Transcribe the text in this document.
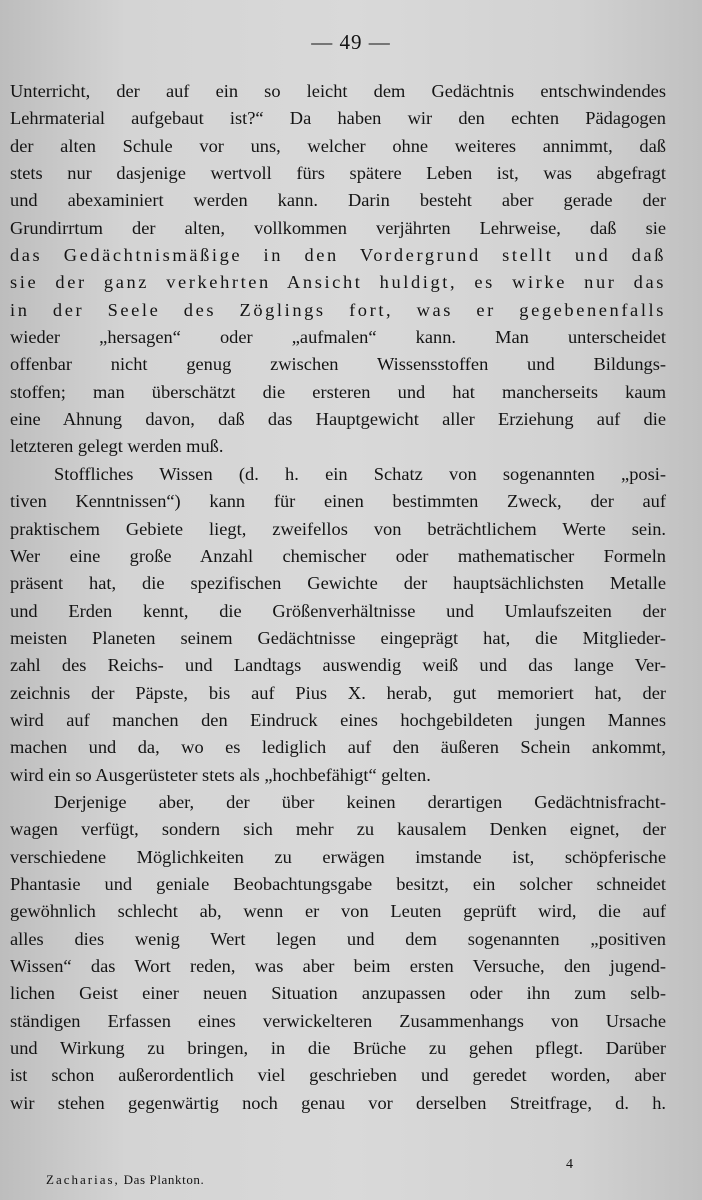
— 49 —
Unterricht, der auf ein so leicht dem Gedächtnis entschwindendes
Lehrmaterial aufgebaut ist?“ Da haben wir den echten Pädagogen
der alten Schule vor uns, welcher ohne weiteres annimmt, daß
stets nur dasjenige wertvoll fürs spätere Leben ist, was abgefragt
und abexaminiert werden kann. Darin besteht aber gerade der
Grundirrtum der alten, vollkommen verjährten Lehrweise, daß sie
das Gedächtnismäßige in den Vordergrund stellt und daß
sie der ganz verkehrten Ansicht huldigt, es wirke nur das
in der Seele des Zöglings fort, was er gegebenenfalls
wieder „hersagen“ oder „aufmalen“ kann. Man unterscheidet
offenbar nicht genug zwischen Wissensstoffen und Bildungs-
stoffen; man überschätzt die ersteren und hat mancherseits kaum
eine Ahnung davon, daß das Hauptgewicht aller Erziehung auf die
letzteren gelegt werden muß.
Stoffliches Wissen (d. h. ein Schatz von sogenannten „posi-
tiven Kenntnissen“) kann für einen bestimmten Zweck, der auf
praktischem Gebiete liegt, zweifellos von beträchtlichem Werte sein.
Wer eine große Anzahl chemischer oder mathematischer Formeln
präsent hat, die spezifischen Gewichte der hauptsächlichsten Metalle
und Erden kennt, die Größenverhältnisse und Umlaufszeiten der
meisten Planeten seinem Gedächtnisse eingeprägt hat, die Mitglieder-
zahl des Reichs- und Landtags auswendig weiß und das lange Ver-
zeichnis der Päpste, bis auf Pius X. herab, gut memoriert hat, der
wird auf manchen den Eindruck eines hochgebildeten jungen Mannes
machen und da, wo es lediglich auf den äußeren Schein ankommt,
wird ein so Ausgerüsteter stets als „hochbefähigt“ gelten.
Derjenige aber, der über keinen derartigen Gedächtnisfracht-
wagen verfügt, sondern sich mehr zu kausalem Denken eignet, der
verschiedene Möglichkeiten zu erwägen imstande ist, schöpferische
Phantasie und geniale Beobachtungsgabe besitzt, ein solcher schneidet
gewöhnlich schlecht ab, wenn er von Leuten geprüft wird, die auf
alles dies wenig Wert legen und dem sogenannten „positiven
Wissen“ das Wort reden, was aber beim ersten Versuche, den jugend-
lichen Geist einer neuen Situation anzupassen oder ihn zum selb-
ständigen Erfassen eines verwickelteren Zusammenhangs von Ursache
und Wirkung zu bringen, in die Brüche zu gehen pflegt. Darüber
ist schon außerordentlich viel geschrieben und geredet worden, aber
wir stehen gegenwärtig noch genau vor derselben Streitfrage, d. h.
Zacharias, Das Plankton.
4
